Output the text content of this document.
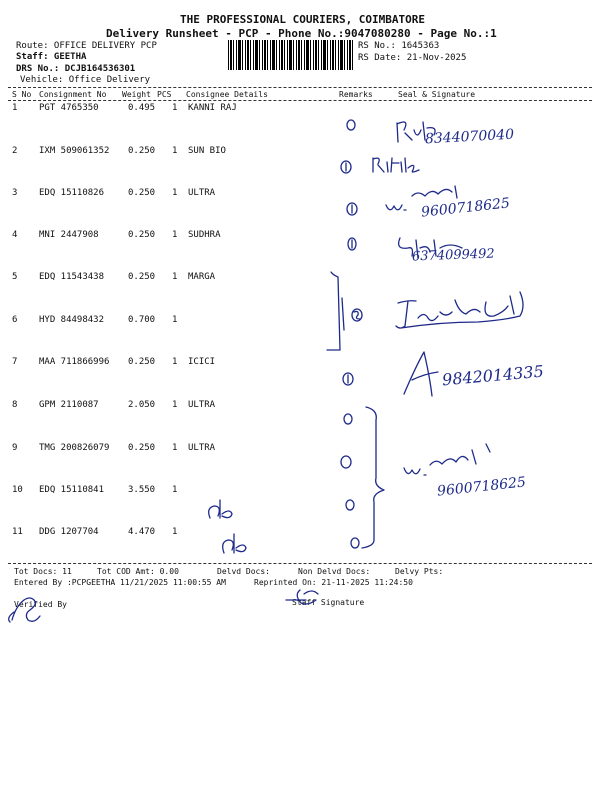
THE PROFESSIONAL COURIERS, COIMBATORE
Delivery Runsheet - PCP - Phone No.:9047080280 - Page No.:1
Route: OFFICE DELIVERY PCP
Staff: GEETHA
DRS No.: DCJB164536301
Vehicle: Office Delivery
RS No.: 1645363
RS Date: 21-Nov-2025
S No Consignment No Weight PCS Consignee Details	Remarks	Seal & Signature
1 PGT 4765350	0.495 1 KANNI RAJ
2 IXM 509061352 0.250 1 SUN BIO
3 EDQ 15110826	0.250 1 ULTRA
4 MNI 2447908	0.250 1 SUDHRA
5 EDQ 11543438	0.250 1 MARGA
6 HYD 84498432	0.700 1
7 MAA 711866996 0.250 1 ICICI
8 GPM 2110087	2.050 1 ULTRA
9 TMG 200826079 0.250 1 ULTRA
10 EDQ 15110841	3.550 1
11 DDG 1207704	4.470 1
Tot Docs: 11	Tot COD Amt: 0.00	Delvd Docs:	Non Delvd Docs:	Delvy Pts:
Entered By :PCPGEETHA 11/21/2025 11:00:55 AM	Reprinted On: 21-11-2025 11:24:50
Verified By	Staff Signature
8344070040
9600718625
6374099492
9842014335
9600718625
